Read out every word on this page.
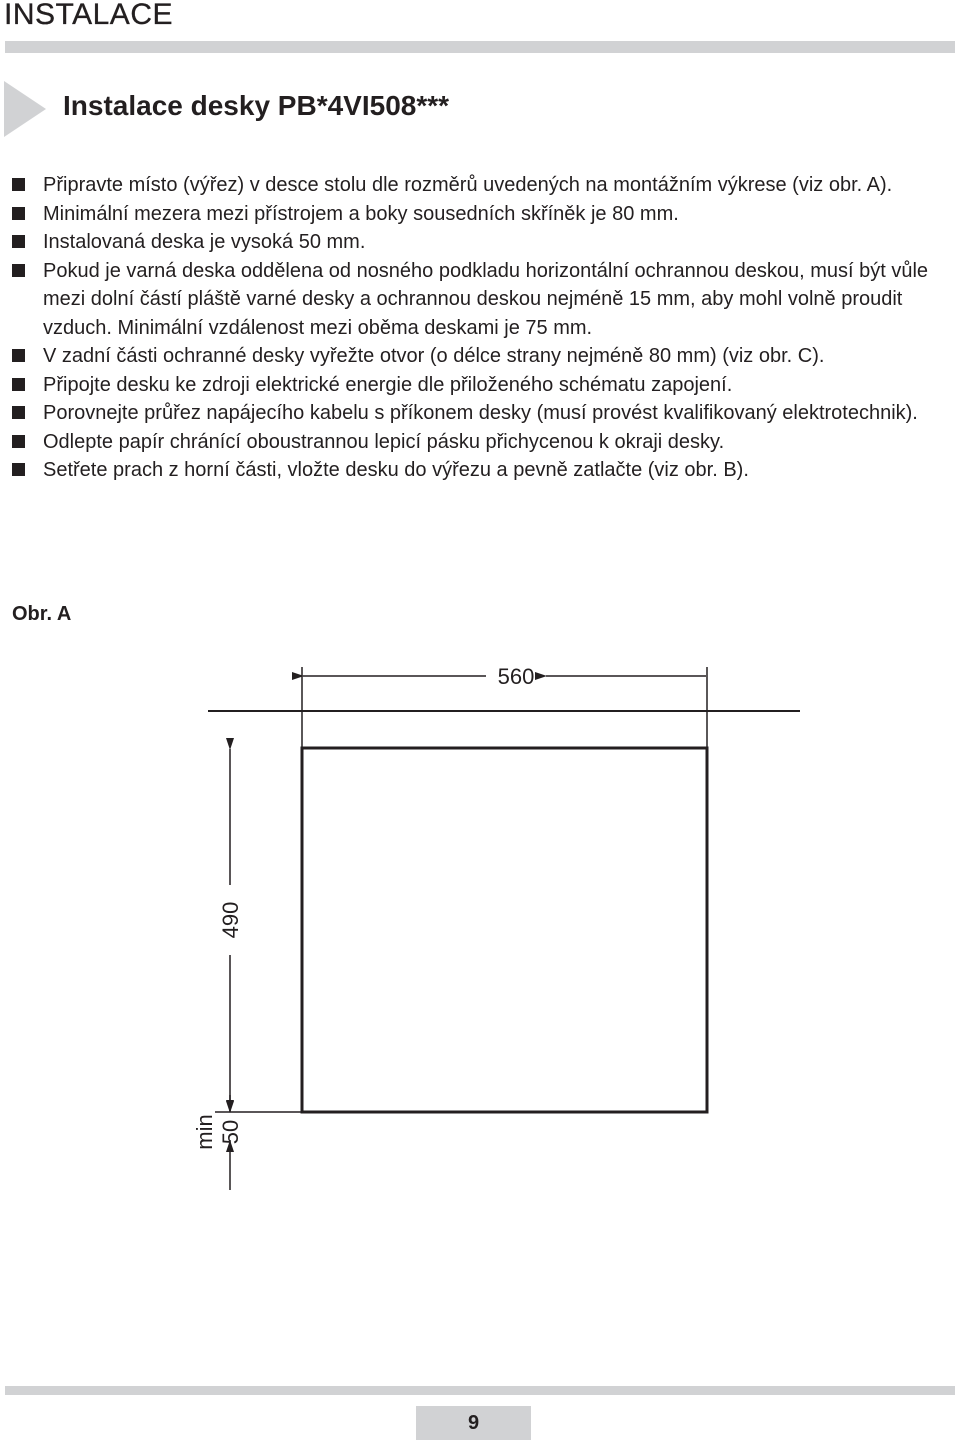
INSTALACE
Instalace desky PB*4VI508***
Připravte místo (výřez) v desce stolu dle rozměrů uvedených na montážním výkrese (viz obr. A).
Minimální mezera mezi přístrojem a boky sousedních skříněk je 80 mm.
Instalovaná deska je vysoká 50 mm.
Pokud je varná deska oddělena od nosného podkladu horizontální ochrannou deskou, musí být vůle mezi dolní částí pláště varné desky a ochrannou deskou nejméně 15 mm, aby mohl volně proudit vzduch. Minimální vzdálenost mezi oběma deskami je 75 mm.
V zadní části ochranné desky vyřežte otvor (o délce strany nejméně 80 mm) (viz obr. C).
Připojte desku ke zdroji elektrické energie dle přiloženého schématu zapojení.
Porovnejte průřez napájecího kabelu s příkonem desky (musí provést kvalifikovaný elektrotechnik).
Odlepte papír chránící oboustrannou lepicí pásku přichycenou k okraji desky.
Setřete prach z horní části, vložte desku do výřezu a pevně zatlačte (viz obr. B).
Obr. A
560
490
min 50
9
